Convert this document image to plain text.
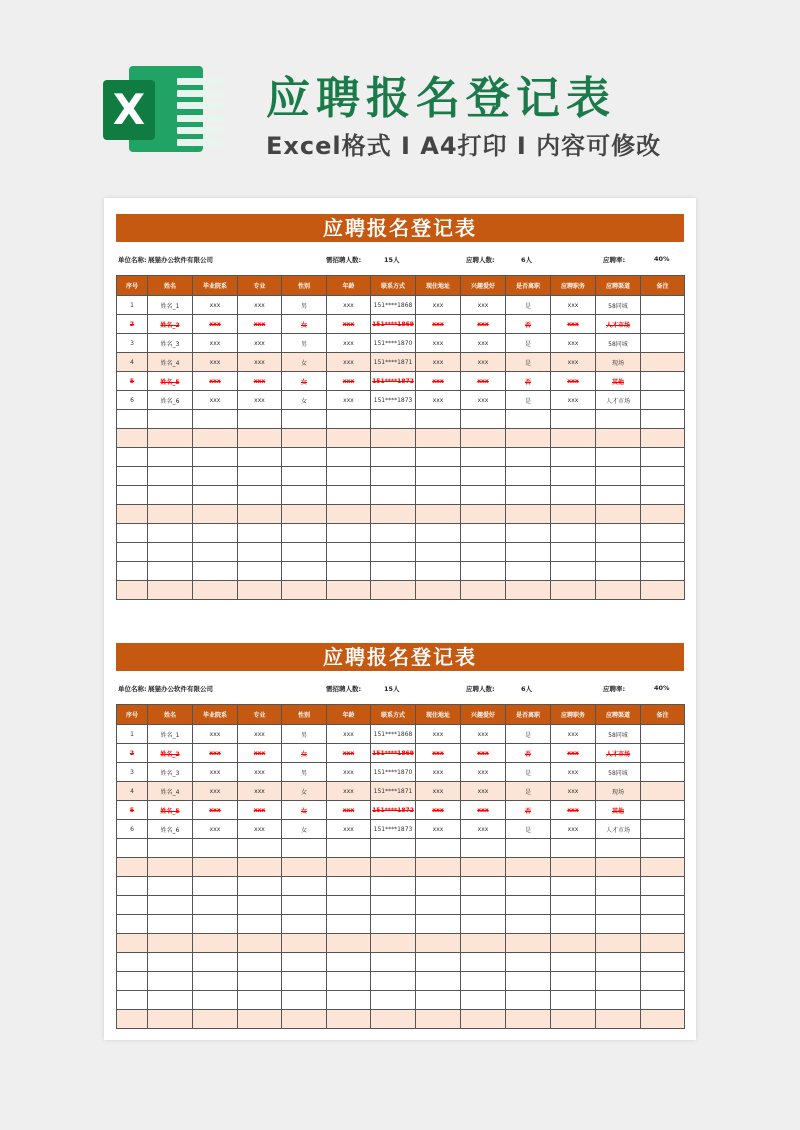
X	应聘报名登记表
Excel格式 I A4打印 I 内容可修改
应聘报名登记表
单位名称: 展猫办公软件有限公司	需招聘人数:	15人	应聘人数:	6人	应聘率:	40%
序号	姓名	毕业院系	专业	性别	年龄	联系方式	现住地址	兴趣爱好	是否离职	应聘职务	应聘渠道	备注
1	姓名_1	xxx	xxx	男	xxx	151****1868	xxx	xxx	是	xxx	58同城	
2	姓名_2	xxx	xxx	女	xxx	151****1869	xxx	xxx	否	xxx	人才市场	
3	姓名_3	xxx	xxx	男	xxx	151****1870	xxx	xxx	是	xxx	58同城	
4	姓名_4	xxx	xxx	女	xxx	151****1871	xxx	xxx	是	xxx	现场	
5	姓名_5	xxx	xxx	女	xxx	151****1872	xxx	xxx	否	xxx	其他	
6	姓名_6	xxx	xxx	女	xxx	151****1873	xxx	xxx	是	xxx	人才市场	

应聘报名登记表
单位名称: 展猫办公软件有限公司	需招聘人数:	15人	应聘人数:	6人	应聘率:	40%
序号	姓名	毕业院系	专业	性别	年龄	联系方式	现住地址	兴趣爱好	是否离职	应聘职务	应聘渠道	备注
1	姓名_1	xxx	xxx	男	xxx	151****1868	xxx	xxx	是	xxx	58同城	
2	姓名_2	xxx	xxx	女	xxx	151****1869	xxx	xxx	否	xxx	人才市场	
3	姓名_3	xxx	xxx	男	xxx	151****1870	xxx	xxx	是	xxx	58同城	
4	姓名_4	xxx	xxx	女	xxx	151****1871	xxx	xxx	是	xxx	现场	
5	姓名_5	xxx	xxx	女	xxx	151****1872	xxx	xxx	否	xxx	其他	
6	姓名_6	xxx	xxx	女	xxx	151****1873	xxx	xxx	是	xxx	人才市场	
